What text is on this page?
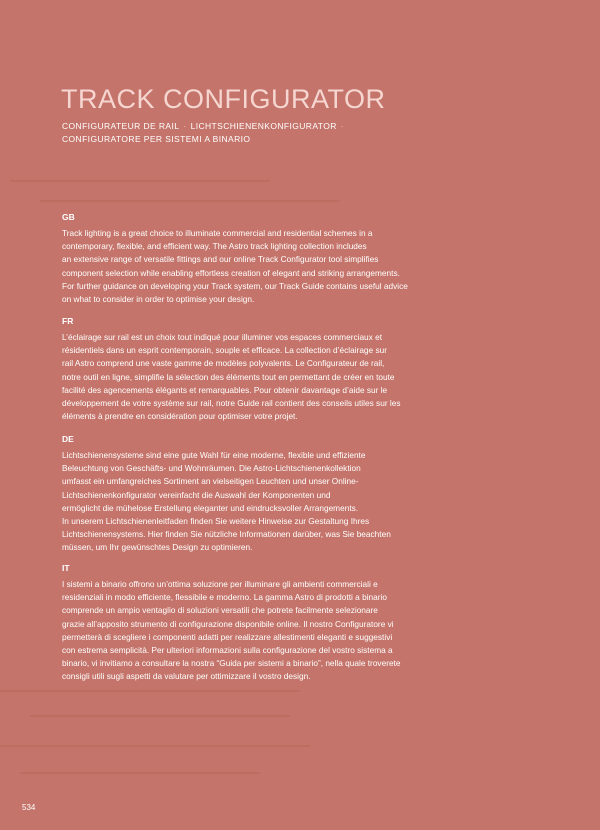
TRACK CONFIGURATOR
CONFIGURATEUR DE RAIL · LICHTSCHIENENKONFIGURATOR ·
CONFIGURATORE PER SISTEMI A BINARIO
GB

Track lighting is a great choice to illuminate commercial and residential schemes in a
contemporary, flexible, and efficient way. The Astro track lighting collection includes
an extensive range of versatile fittings and our online Track Configurator tool simplifies
component selection while enabling effortless creation of elegant and striking arrangements.
For further guidance on developing your Track system, our Track Guide contains useful advice
on what to consider in order to optimise your design.

FR

L’éclairage sur rail est un choix tout indiqué pour illuminer vos espaces commerciaux et
résidentiels dans un esprit contemporain, souple et efficace. La collection d’éclairage sur
rail Astro comprend une vaste gamme de modèles polyvalents. Le Configurateur de rail,
notre outil en ligne, simplifie la sélection des éléments tout en permettant de créer en toute
facilité des agencements élégants et remarquables. Pour obtenir davantage d’aide sur le
développement de votre système sur rail, notre Guide rail contient des conseils utiles sur les
éléments à prendre en considération pour optimiser votre projet.

DE

Lichtschienensysteme sind eine gute Wahl für eine moderne, flexible und effiziente
Beleuchtung von Geschäfts- und Wohnräumen. Die Astro-Lichtschienenkollektion
umfasst ein umfangreiches Sortiment an vielseitigen Leuchten und unser Online-
Lichtschienenkonfigurator vereinfacht die Auswahl der Komponenten und
ermöglicht die mühelose Erstellung eleganter und eindrucksvoller Arrangements.
In unserem Lichtschienenleitfaden finden Sie weitere Hinweise zur Gestaltung Ihres
Lichtschienensystems. Hier finden Sie nützliche Informationen darüber, was Sie beachten
müssen, um Ihr gewünschtes Design zu optimieren.

IT

I sistemi a binario offrono un’ottima soluzione per illuminare gli ambienti commerciali e
residenziali in modo efficiente, flessibile e moderno. La gamma Astro di prodotti a binario
comprende un ampio ventaglio di soluzioni versatili che potrete facilmente selezionare
grazie all’apposito strumento di configurazione disponibile online. Il nostro Configuratore vi
permetterà di scegliere i componenti adatti per realizzare allestimenti eleganti e suggestivi
con estrema semplicità. Per ulteriori informazioni sulla configurazione del vostro sistema a
binario, vi invitiamo a consultare la nostra “Guida per sistemi a binario”, nella quale troverete
consigli utili sugli aspetti da valutare per ottimizzare il vostro design.

534
